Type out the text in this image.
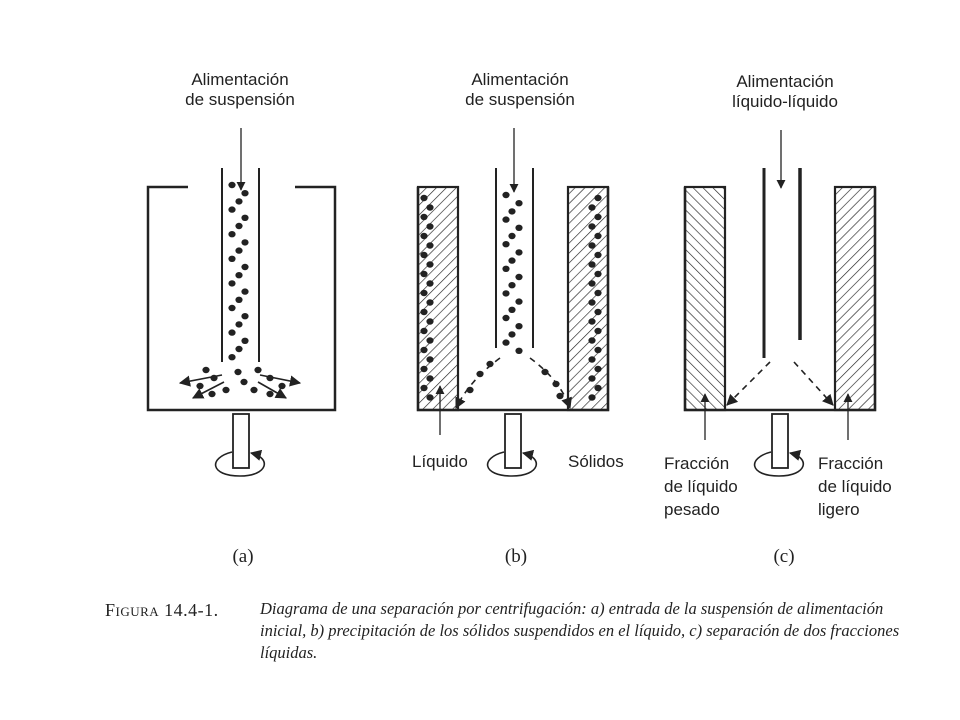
Alimentación
de suspensión
Alimentación
de suspensión
Alimentación
líquido-líquido
Líquido	Sólidos Fracción
de líquido
pesado
Fracción
de líquido
ligero
(a)	(b)	(c)
Figura 14.4-1.	Diagrama de una separación por centrifugación: a) entrada de la suspensión de alimentación inicial, b) precipitación de los sólidos suspendidos en el líquido, c) separación de dos fracciones líquidas.
